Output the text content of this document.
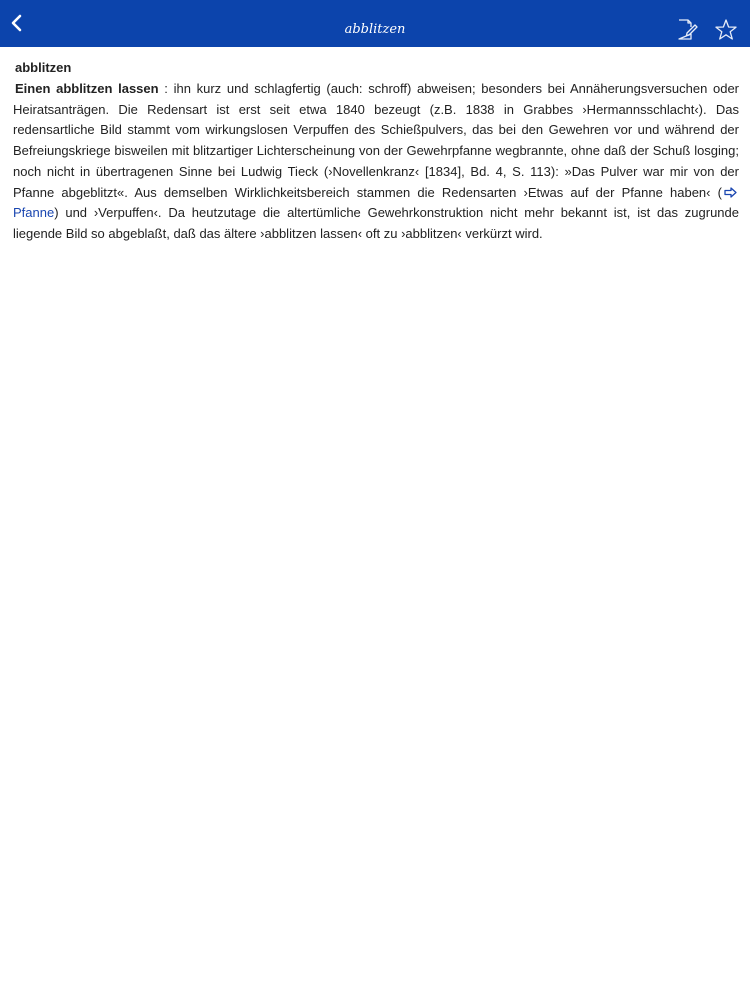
abblitzen
abblitzen

Einen abblitzen lassen : ihn kurz und schlagfertig (auch: schroff) abweisen; besonders bei Annäherungsversuchen oder Heiratsanträgen. Die Redensart ist erst seit etwa 1840 bezeugt (z.B. 1838 in Grabbes ›Hermannsschlacht‹). Das redensartliche Bild stammt vom wirkungslosen Verpuffen des Schießpulvers, das bei den Gewehren vor und während der Befreiungskriege bisweilen mit blitzartiger Lichterscheinung von der Gewehrpfanne wegbrannte, ohne daß der Schuß losging; noch nicht in übertragenen Sinne bei Ludwig Tieck (›Novellenkranz‹ [1834], Bd. 4, S. 113): »Das Pulver war mir von der Pfanne abgeblitzt«. Aus demselben Wirklichkeitsbereich stammen die Redensarten ›Etwas auf der Pfanne haben‹ ( Pfanne) und ›Verpuffen‹. Da heutzutage die altertümliche Gewehrkonstruktion nicht mehr bekannt ist, ist das zugrunde liegende Bild so abgeblaßt, daß das ältere ›abblitzen lassen‹ oft zu ›abblitzen‹ verkürzt wird.
